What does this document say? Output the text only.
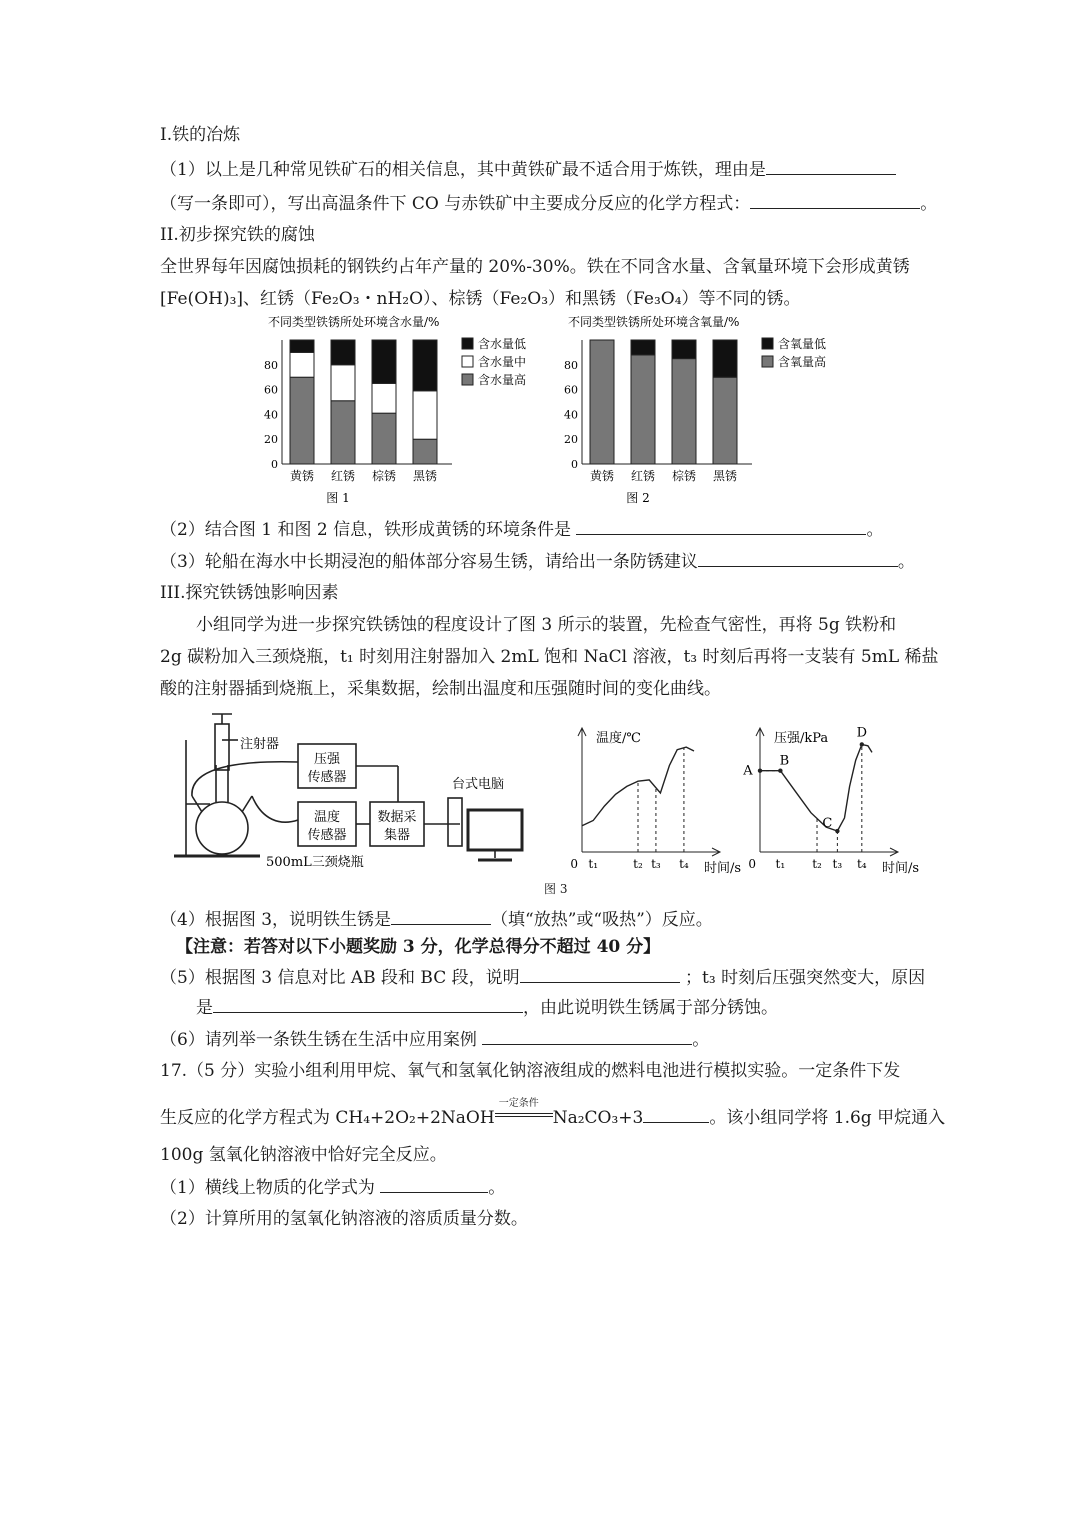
I.铁的冶炼
（1）以上是几种常见铁矿石的相关信息，其中黄铁矿最不适合用于炼铁，理由是
（写一条即可），写出高温条件下 CO 与赤铁矿中主要成分反应的化学方程式：	。
II.初步探究铁的腐蚀
全世界每年因腐蚀损耗的钢铁约占年产量的 20%-30%。铁在不同含水量、含氧量环境下会形成黄锈
[Fe(OH)₃]、红锈（Fe₂O₃・nH₂O）、棕锈（Fe₂O₃）和黑锈（Fe₃O₄）等不同的锈。
不同类型铁锈所处环境含水量/%
0
20
40
60
80
黄锈 红锈 棕锈 黑锈
含水量低
含水量中
含水量高
图 1
不同类型铁锈所处环境含氧量/%
0
20
40
60
80
黄锈 红锈 棕锈 黑锈
含氧量低
含氧量高
图 2
（2）结合图 1 和图 2 信息，铁形成黄锈的环境条件是	。
（3）轮船在海水中长期浸泡的船体部分容易生锈，请给出一条防锈建议	。
III.探究铁锈蚀影响因素
小组同学为进一步探究铁锈蚀的程度设计了图 3 所示的装置，先检查气密性，再将 5g 铁粉和
2g 碳粉加入三颈烧瓶，t₁ 时刻用注射器加入 2mL 饱和 NaCl 溶液，t₃ 时刻后再将一支装有 5mL 稀盐
酸的注射器插到烧瓶上，采集数据，绘制出温度和压强随时间的变化曲线。
注射器
压强
传感器
温度
传感器
数据采
集器
台式电脑
500mL三颈烧瓶
温度/℃
时间/s
0 t₁	t₂ t₃ t₄
压强/kPa
时间/s
0 t₁ t₂ t₃ t₄
A
B
C
D
图 3
（4）根据图 3，说明铁生锈是	（填“放热”或“吸热”）反应。
【注意：若答对以下小题奖励 3 分，化学总得分不超过 40 分】
（5）根据图 3 信息对比 AB 段和 BC 段，说明	；t₃ 时刻后压强突然变大，原因
是	，由此说明铁生锈属于部分锈蚀。
（6）请列举一条铁生锈在生活中应用案例	。
17.（5 分）实验小组利用甲烷、氧气和氢氧化钠溶液组成的燃料电池进行模拟实验。一定条件下发
生反应的化学方程式为 CH₄+2O₂+2NaOH
一定条件
Na₂CO₃+3	。该小组同学将 1.6g 甲烷通入
100g 氢氧化钠溶液中恰好完全反应。
（1）横线上物质的化学式为	。
（2）计算所用的氢氧化钠溶液的溶质质量分数。
